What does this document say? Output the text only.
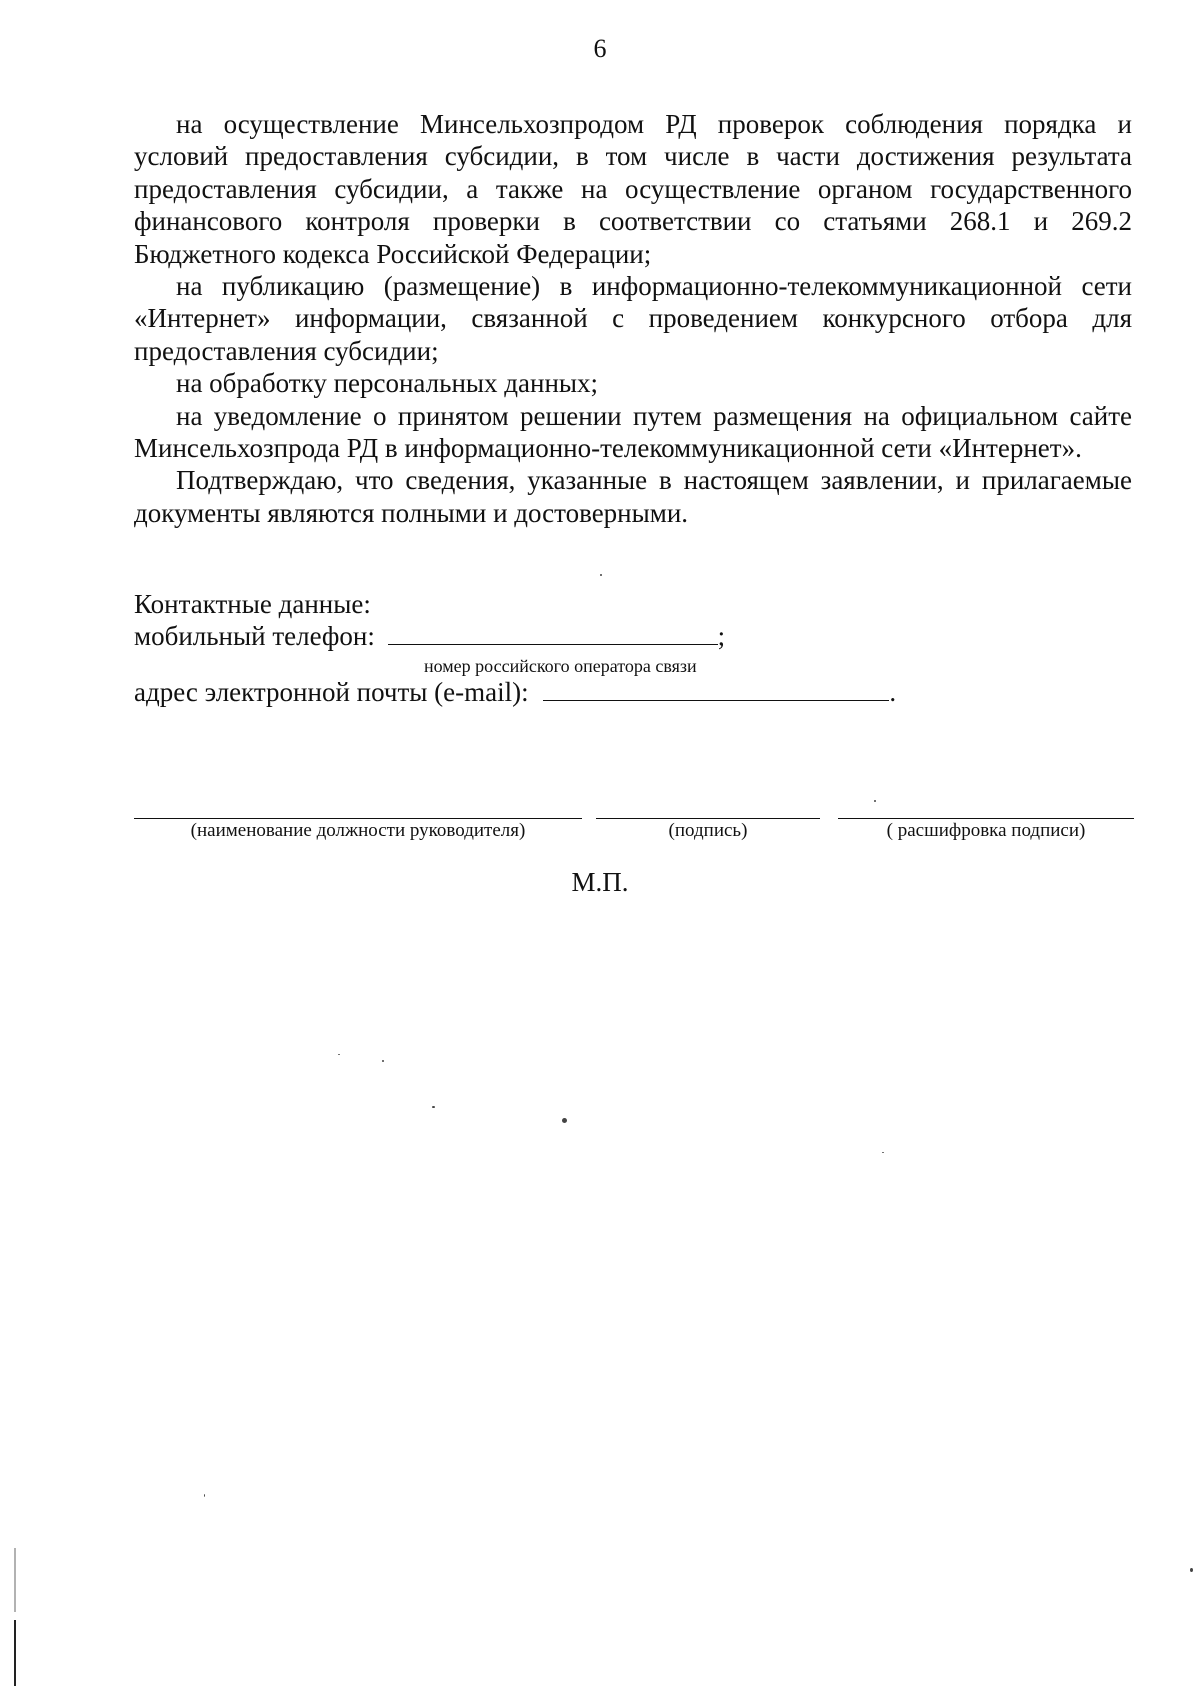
6

на осуществление Минсельхозпродом РД проверок соблюдения порядка и условий предоставления субсидии, в том числе в части достижения результата предоставления субсидии, а также на осуществление органом государственного финансового контроля проверки в соответствии со статьями 268.1 и 269.2 Бюджетного кодекса Российской Федерации;

на публикацию (размещение) в информационно-телекоммуникационной сети «Интернет» информации, связанной с проведением конкурсного отбора для предоставления субсидии;

на обработку персональных данных;

на уведомление о принятом решении путем размещения на официальном сайте Минсельхозпрода РД в информационно-телекоммуникационной сети «Интернет».

Подтверждаю, что сведения, указанные в настоящем заявлении, и прилагаемые документы являются полными и достоверными.

Контактные данные:
мобильный телефон:	;
номер российского оператора связи
адрес электронной почты (e-mail):	.
(наименование должности руководителя)	(подпись)	( расшифровка подписи)
М.П.
